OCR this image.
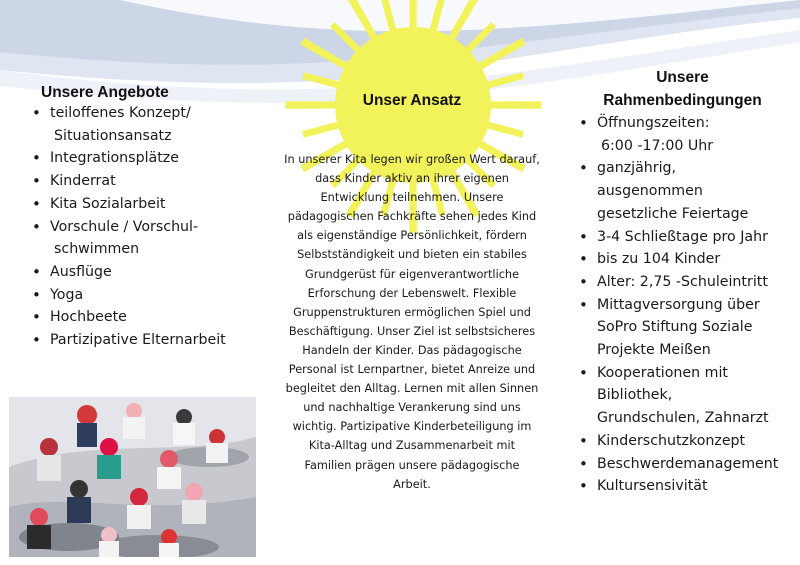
Unsere Angebote
• teiloffenes Konzept/
Situationsansatz
• Integrationsplätze
• Kinderrat
• Kita Sozialarbeit
• Vorschule / Vorschul-
schwimmen
• Ausflüge
• Yoga
• Hochbeete
• Partizipative Elternarbeit
Unser Ansatz
In unserer Kita legen wir großen Wert darauf, dass Kinder aktiv an ihrer eigenen Entwicklung teilnehmen. Unsere pädagogischen Fachkräfte sehen jedes Kind als eigenständige Persönlichkeit, fördern Selbstständigkeit und bieten ein stabiles Grundgerüst für eigenverantwortliche Erforschung der Lebenswelt. Flexible Gruppenstrukturen ermöglichen Spiel und Beschäftigung. Unser Ziel ist selbstsicheres Handeln der Kinder. Das pädagogische Personal ist Lernpartner, bietet Anreize und begleitet den Alltag. Lernen mit allen Sinnen und nachhaltige Verankerung sind uns wichtig. Partizipative Kinderbeteiligung im Kita-Alltag und Zusammenarbeit mit Familien prägen unsere pädagogische Arbeit.
Unsere
Rahmenbedingungen
• Öffnungszeiten:
6:00 -17:00 Uhr
• ganzjährig,
ausgenommen
gesetzliche Feiertage
• 3-4 Schließtage pro Jahr
• bis zu 104 Kinder
• Alter: 2,75 -Schuleintritt
• Mittagversorgung über
SoPro Stiftung Soziale
Projekte Meißen
• Kooperationen mit
Bibliothek,
Grundschulen, Zahnarzt
• Kinderschutzkonzept
• Beschwerdemanagement
• Kultursensivität
